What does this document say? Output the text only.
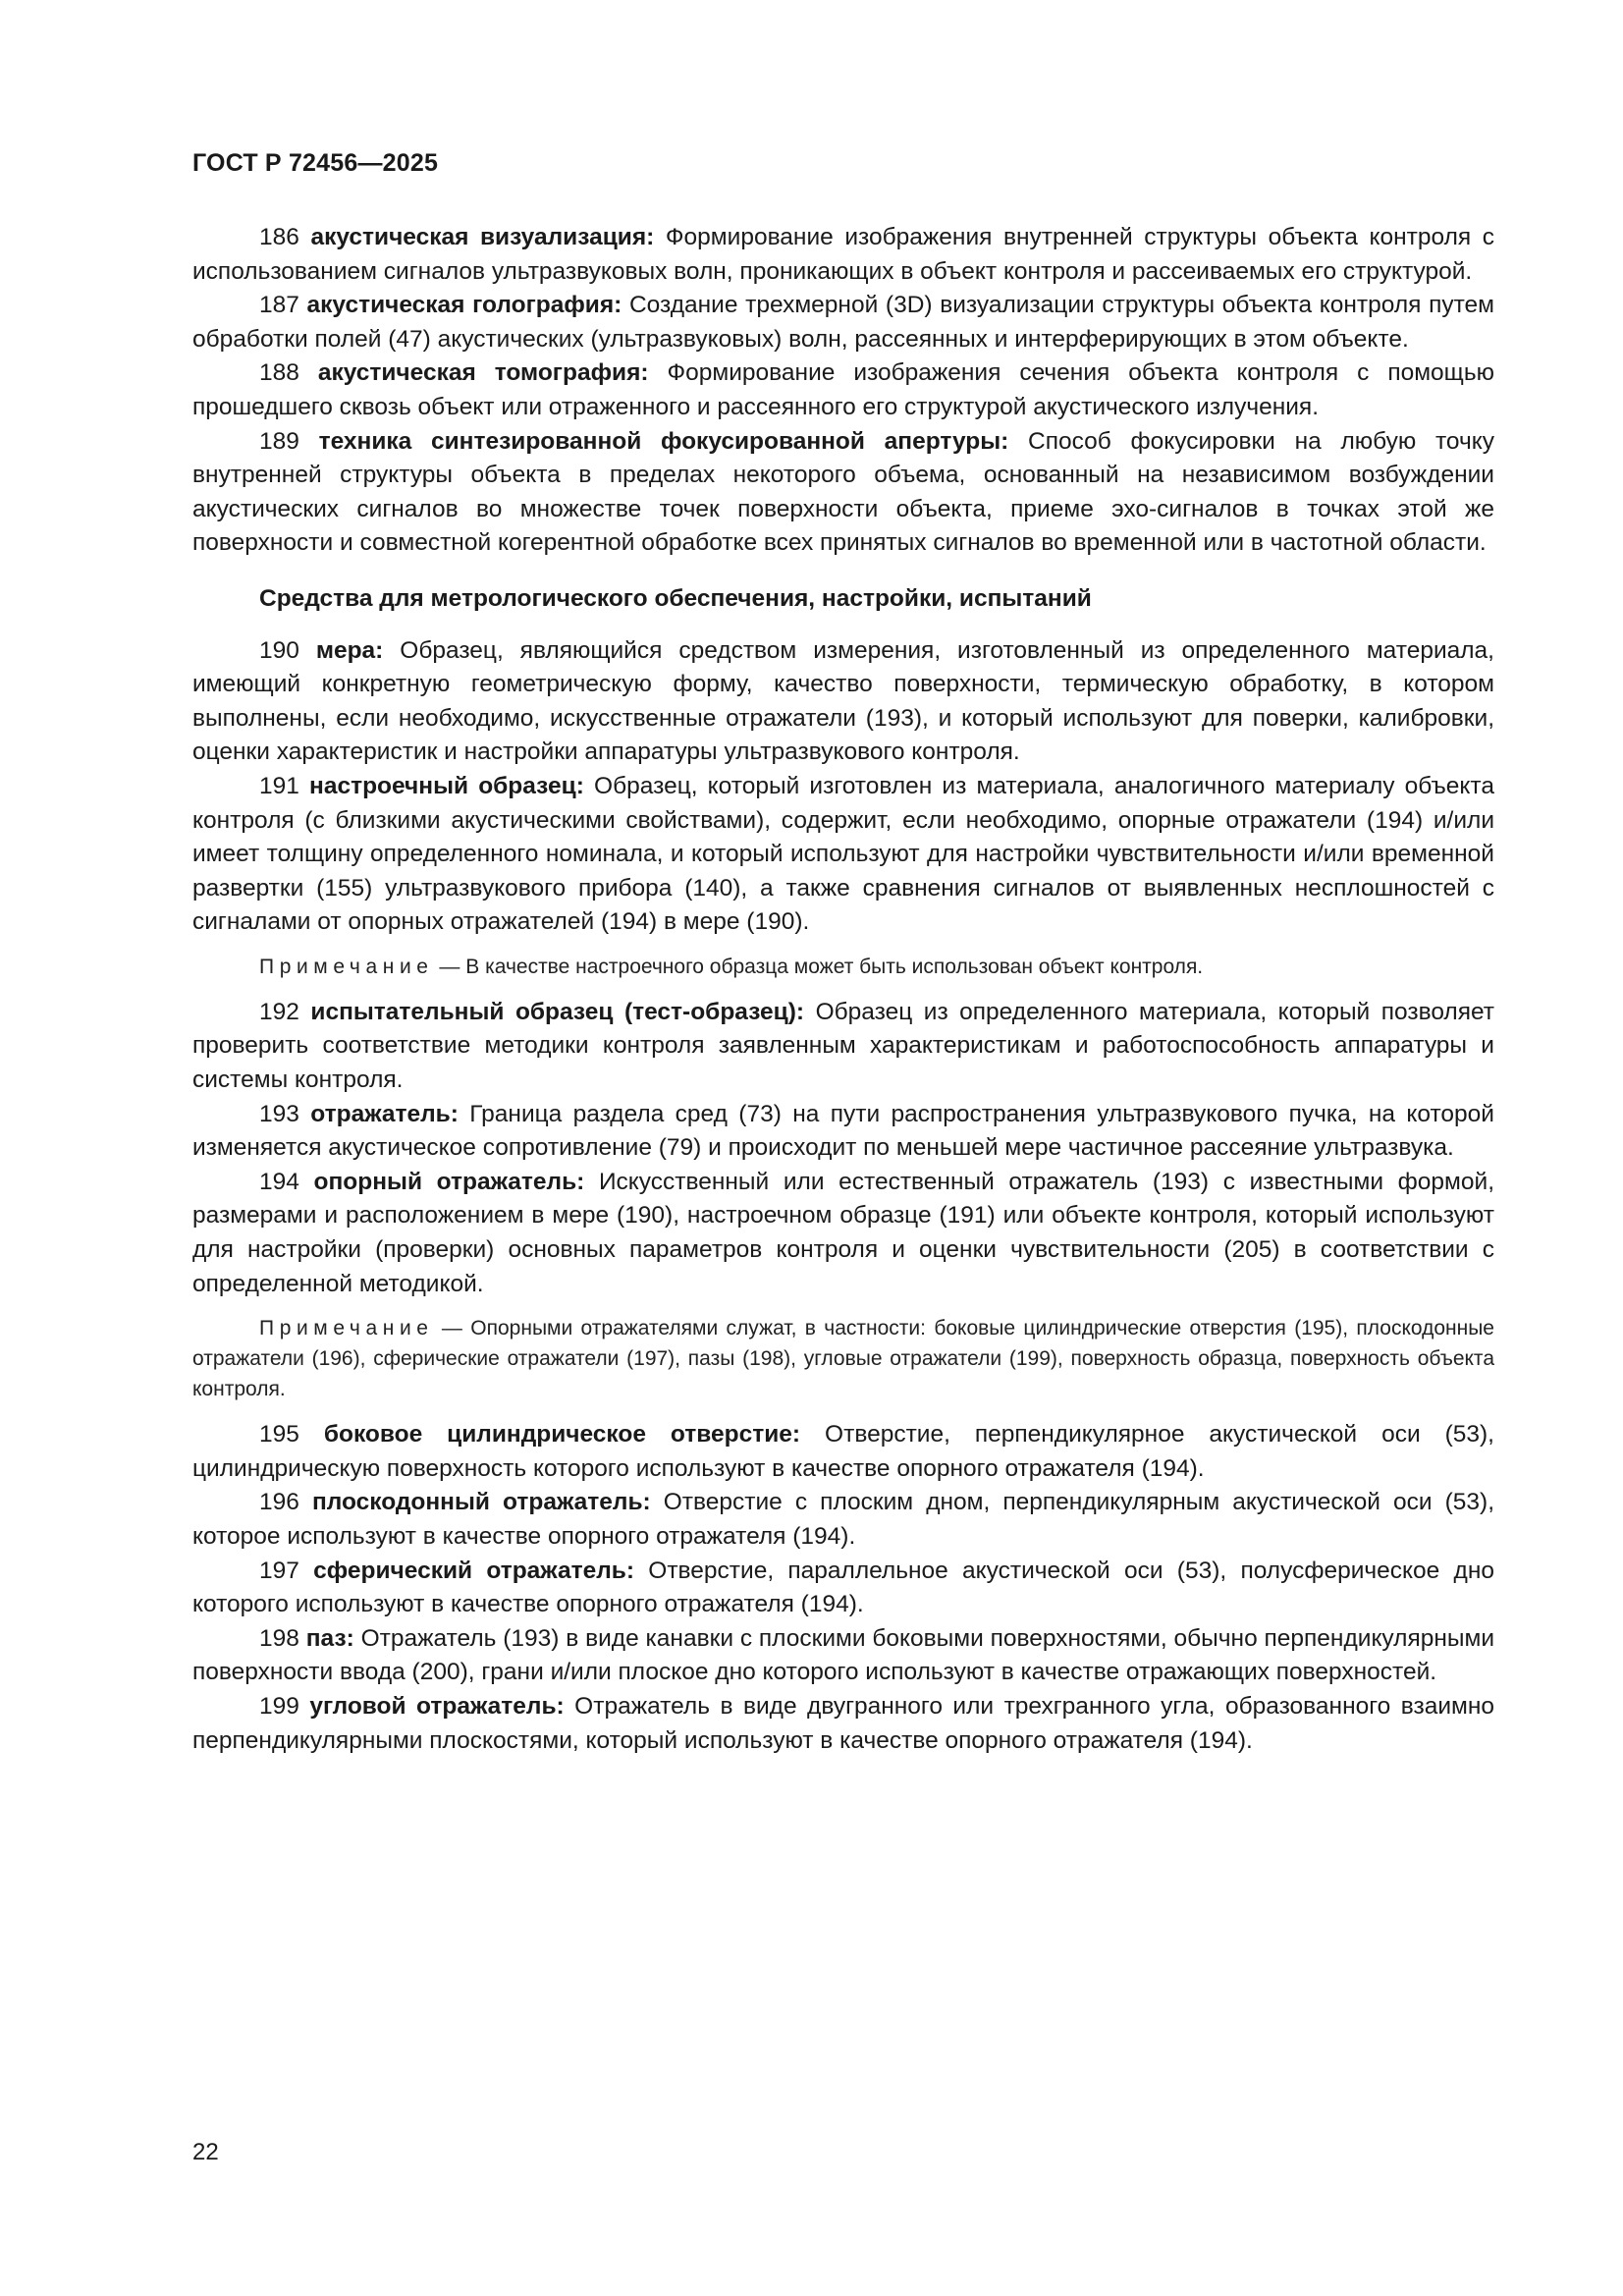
ГОСТ Р 72456—2025

186 акустическая визуализация: Формирование изображения внутренней структуры объекта контроля с использованием сигналов ультразвуковых волн, проникающих в объект контроля и рассеиваемых его структурой.

187 акустическая голография: Создание трехмерной (3D) визуализации структуры объекта контроля путем обработки полей (47) акустических (ультразвуковых) волн, рассеянных и интерферирующих в этом объекте.

188 акустическая томография: Формирование изображения сечения объекта контроля с помощью прошедшего сквозь объект или отраженного и рассеянного его структурой акустического излучения.

189 техника синтезированной фокусированной апертуры: Способ фокусировки на любую точку внутренней структуры объекта в пределах некоторого объема, основанный на независимом возбуждении акустических сигналов во множестве точек поверхности объекта, приеме эхо-сигналов в точках этой же поверхности и совместной когерентной обработке всех принятых сигналов во временной или в частотной области.

Средства для метрологического обеспечения, настройки, испытаний

190 мера: Образец, являющийся средством измерения, изготовленный из определенного материала, имеющий конкретную геометрическую форму, качество поверхности, термическую обработку, в котором выполнены, если необходимо, искусственные отражатели (193), и который используют для поверки, калибровки, оценки характеристик и настройки аппаратуры ультразвукового контроля.

191 настроечный образец: Образец, который изготовлен из материала, аналогичного материалу объекта контроля (с близкими акустическими свойствами), содержит, если необходимо, опорные отражатели (194) и/или имеет толщину определенного номинала, и который используют для настройки чувствительности и/или временной развертки (155) ультразвукового прибора (140), а также сравнения сигналов от выявленных несплошностей с сигналами от опорных отражателей (194) в мере (190).

Примечание — В качестве настроечного образца может быть использован объект контроля.

192 испытательный образец (тест-образец): Образец из определенного материала, который позволяет проверить соответствие методики контроля заявленным характеристикам и работоспособность аппаратуры и системы контроля.

193 отражатель: Граница раздела сред (73) на пути распространения ультразвукового пучка, на которой изменяется акустическое сопротивление (79) и происходит по меньшей мере частичное рассеяние ультразвука.

194 опорный отражатель: Искусственный или естественный отражатель (193) с известными формой, размерами и расположением в мере (190), настроечном образце (191) или объекте контроля, который используют для настройки (проверки) основных параметров контроля и оценки чувствительности (205) в соответствии с определенной методикой.

Примечание — Опорными отражателями служат, в частности: боковые цилиндрические отверстия (195), плоскодонные отражатели (196), сферические отражатели (197), пазы (198), угловые отражатели (199), поверхность образца, поверхность объекта контроля.

195 боковое цилиндрическое отверстие: Отверстие, перпендикулярное акустической оси (53), цилиндрическую поверхность которого используют в качестве опорного отражателя (194).

196 плоскодонный отражатель: Отверстие с плоским дном, перпендикулярным акустической оси (53), которое используют в качестве опорного отражателя (194).

197 сферический отражатель: Отверстие, параллельное акустической оси (53), полусферическое дно которого используют в качестве опорного отражателя (194).

198 паз: Отражатель (193) в виде канавки с плоскими боковыми поверхностями, обычно перпендикулярными поверхности ввода (200), грани и/или плоское дно которого используют в качестве отражающих поверхностей.

199 угловой отражатель: Отражатель в виде двугранного или трехгранного угла, образованного взаимно перпендикулярными плоскостями, который используют в качестве опорного отражателя (194).

22
